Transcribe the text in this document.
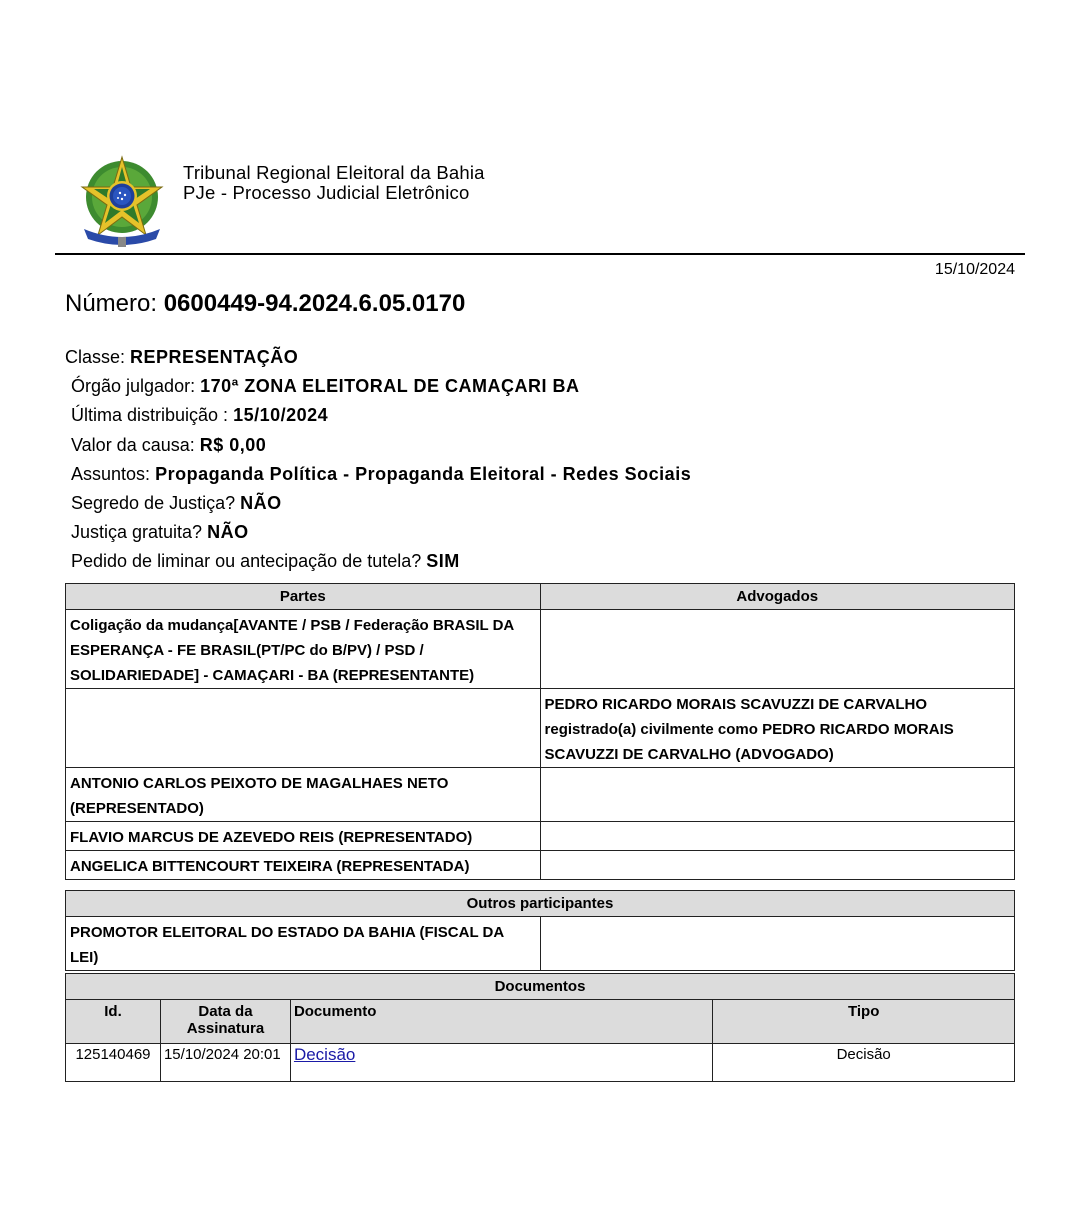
Tribunal Regional Eleitoral da Bahia
PJe - Processo Judicial Eletrônico
15/10/2024
Número: 0600449-94.2024.6.05.0170
Classe: REPRESENTAÇÃO
Órgão julgador: 170ª ZONA ELEITORAL DE CAMAÇARI BA
Última distribuição : 15/10/2024
Valor da causa: R$ 0,00
Assuntos: Propaganda Política - Propaganda Eleitoral - Redes Sociais
Segredo de Justiça? NÃO
Justiça gratuita? NÃO
Pedido de liminar ou antecipação de tutela? SIM
Partes	Advogados
Coligação da mudança[AVANTE / PSB / Federação BRASIL DA ESPERANÇA - FE BRASIL(PT/PC do B/PV) / PSD / SOLIDARIEDADE] - CAMAÇARI - BA (REPRESENTANTE)	
	PEDRO RICARDO MORAIS SCAVUZZI DE CARVALHO registrado(a) civilmente como PEDRO RICARDO MORAIS SCAVUZZI DE CARVALHO (ADVOGADO)
ANTONIO CARLOS PEIXOTO DE MAGALHAES NETO (REPRESENTADO)	
FLAVIO MARCUS DE AZEVEDO REIS (REPRESENTADO)	
ANGELICA BITTENCOURT TEIXEIRA (REPRESENTADA)	
Outros participantes
PROMOTOR ELEITORAL DO ESTADO DA BAHIA (FISCAL DA LEI)	
Documentos			
Id.	Data da Assinatura	Documento	Tipo
125140469	15/10/2024 20:01	Decisão	Decisão
